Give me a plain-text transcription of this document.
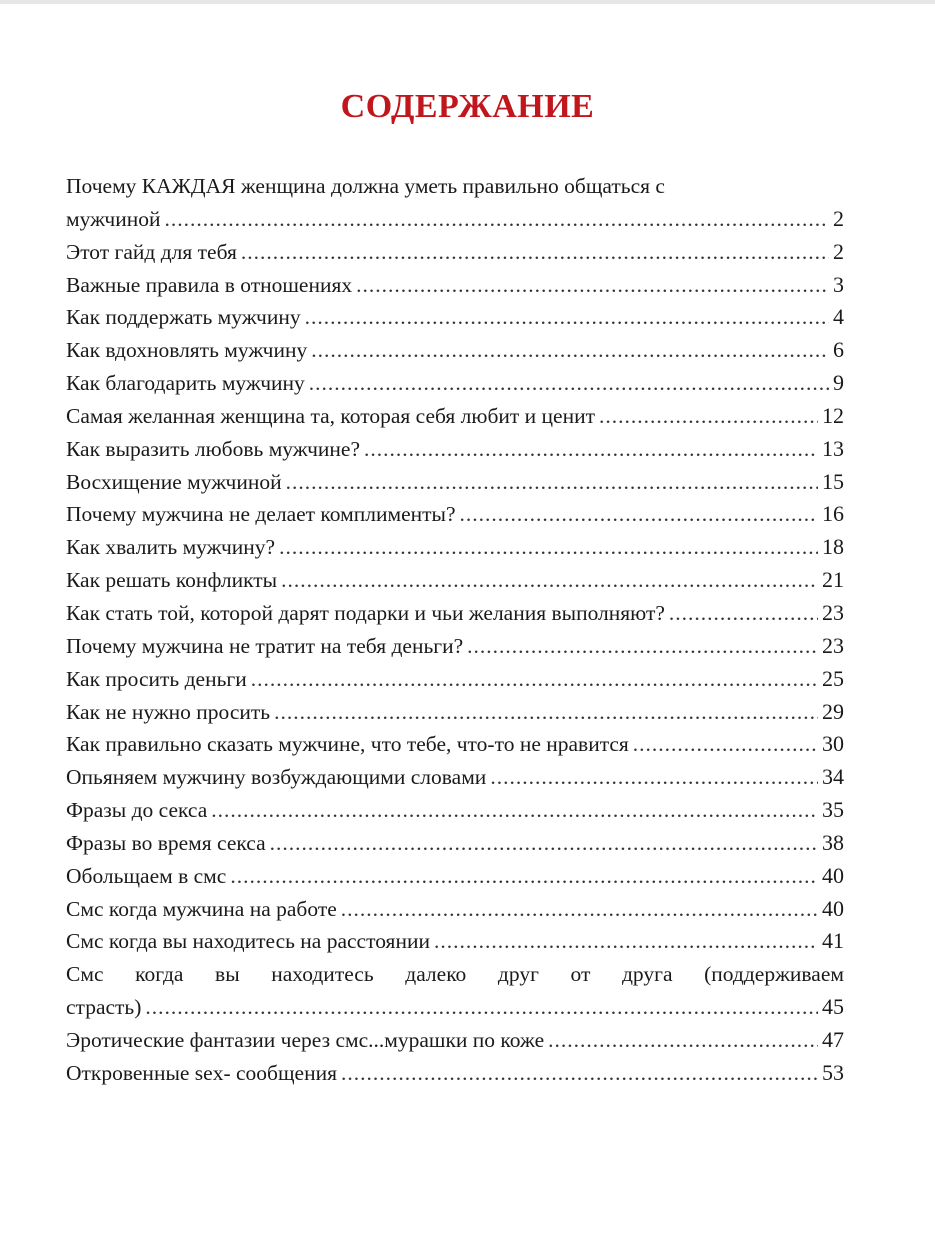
СОДЕРЖАНИЕ
Почему КАЖДАЯ женщина должна уметь правильно общаться с
мужчиной .....	2
Этот гайд для тебя .....	2
Важные правила в отношениях .....	3
Как поддержать мужчину .....	4
Как вдохновлять мужчину .....	6
Как благодарить мужчину .....	9
Самая желанная женщина та, которая себя любит и ценит .....	12
Как выразить любовь мужчине? .....	13
Восхищение мужчиной .....	15
Почему мужчина не делает комплименты? .....	16
Как хвалить мужчину? .....	18
Как решать конфликты .....	21
Как стать той, которой дарят подарки и чьи желания выполняют? .....	23
Почему мужчина не тратит на тебя деньги? .....	23
Как просить деньги .....	25
Как не нужно просить .....	29
Как правильно сказать мужчине, что тебе, что-то не нравится .....	30
Опьяняем мужчину возбуждающими словами .....	34
Фразы до секса .....	35
Фразы во время секса .....	38
Обольщаем в смс .....	40
Смс когда мужчина на работе .....	40
Смс когда вы находитесь на расстоянии .....	41
Смс когда вы находитесь далеко друг от друга (поддерживаем
страсть) .....	45
Эротические фантазии через смс...мурашки по коже .....	47
Откровенные sex- сообщения .....	53
